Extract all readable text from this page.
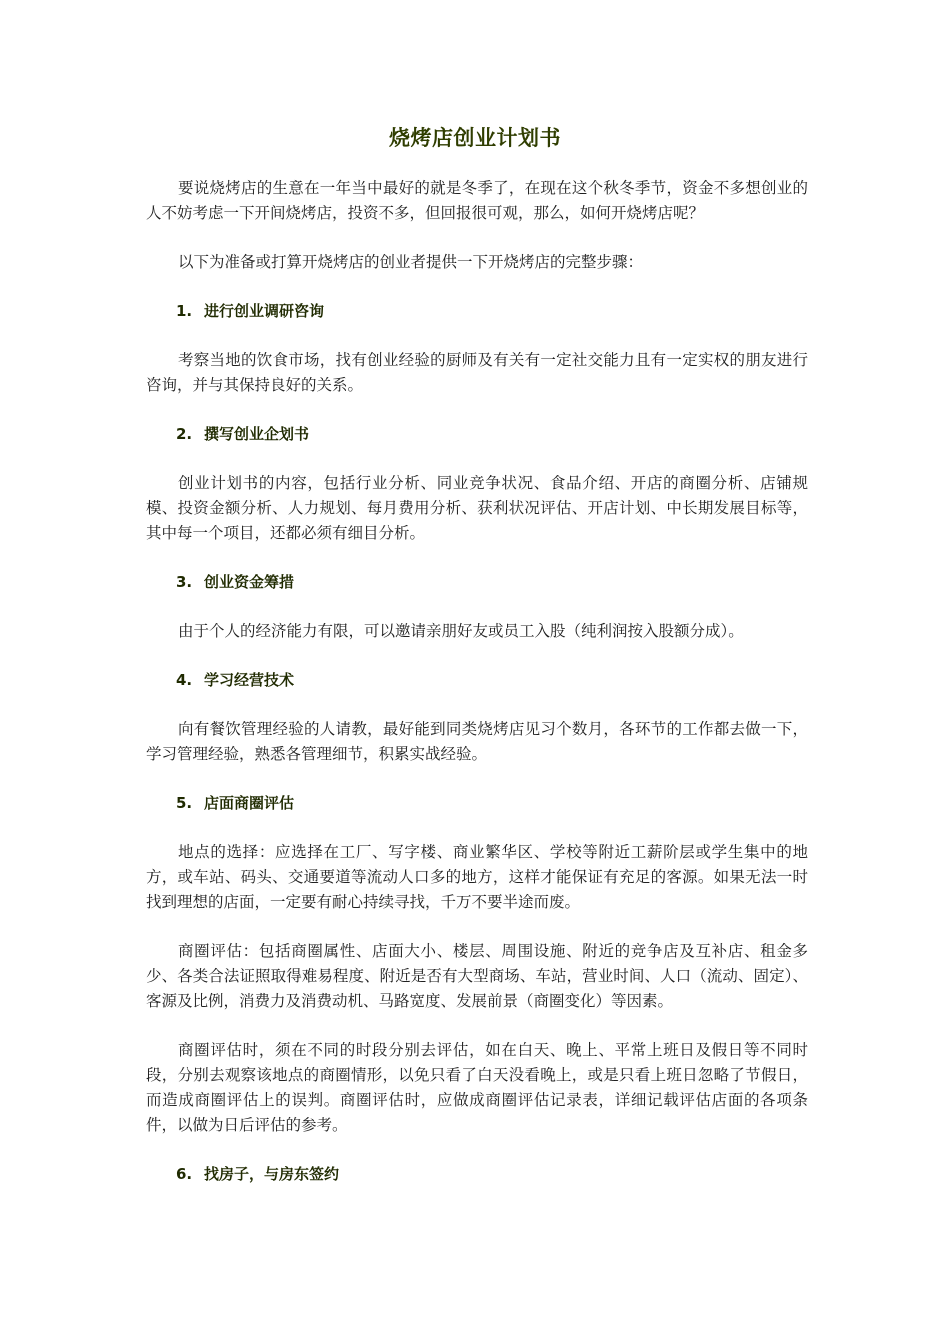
烧烤店创业计划书

要说烧烤店的生意在一年当中最好的就是冬季了，在现在这个秋冬季节，资金不多想创业的人不妨考虑一下开间烧烤店，投资不多，但回报很可观，那么，如何开烧烤店呢？

以下为准备或打算开烧烤店的创业者提供一下开烧烤店的完整步骤：

1. 进行创业调研咨询

考察当地的饮食市场，找有创业经验的厨师及有关有一定社交能力且有一定实权的朋友进行咨询，并与其保持良好的关系。

2. 撰写创业企划书

创业计划书的内容，包括行业分析、同业竞争状况、食品介绍、开店的商圈分析、店铺规模、投资金额分析、人力规划、每月费用分析、获利状况评估、开店计划、中长期发展目标等，其中每一个项目，还都必须有细目分析。

3. 创业资金筹措

由于个人的经济能力有限，可以邀请亲朋好友或员工入股（纯利润按入股额分成）。

4. 学习经营技术

向有餐饮管理经验的人请教，最好能到同类烧烤店见习个数月，各环节的工作都去做一下，学习管理经验，熟悉各管理细节，积累实战经验。

5. 店面商圈评估

地点的选择：应选择在工厂、写字楼、商业繁华区、学校等附近工薪阶层或学生集中的地方，或车站、码头、交通要道等流动人口多的地方，这样才能保证有充足的客源。如果无法一时找到理想的店面，一定要有耐心持续寻找，千万不要半途而废。

商圈评估：包括商圈属性、店面大小、楼层、周围设施、附近的竞争店及互补店、租金多少、各类合法证照取得难易程度、附近是否有大型商场、车站，营业时间、人口（流动、固定）、客源及比例，消费力及消费动机、马路宽度、发展前景（商圈变化）等因素。

商圈评估时，须在不同的时段分别去评估，如在白天、晚上、平常上班日及假日等不同时段，分别去观察该地点的商圈情形，以免只看了白天没看晚上，或是只看上班日忽略了节假日，而造成商圈评估上的误判。商圈评估时，应做成商圈评估记录表，详细记载评估店面的各项条件，以做为日后评估的参考。

6. 找房子，与房东签约
